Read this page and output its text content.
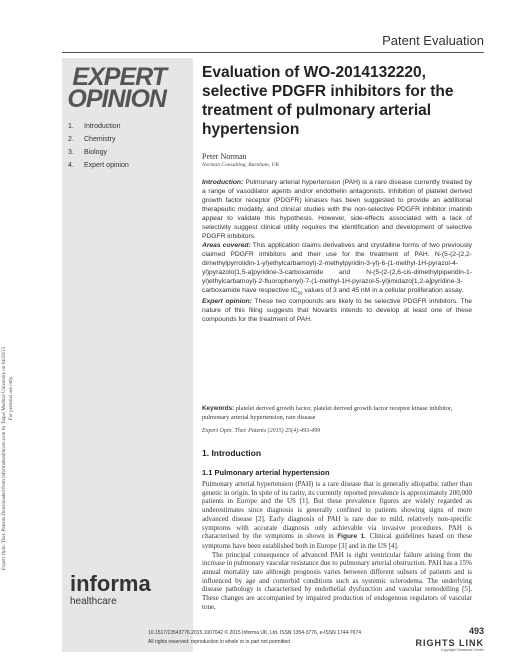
Expert Opin. Ther. Patents Downloaded from informahealthcare.com by Taipei Medical University on 04/20/15 For personal use only.
Patent Evaluation
EXPERT
OPINION
1.	Introduction
2.	Chemistry
3.	Biology
4.	Expert opinion
informa
healthcare
Evaluation of WO-2014132220, selective PDGFR inhibitors for the treatment of pulmonary arterial hypertension
Peter Norman
Norman Consulting, Burnham, UK

Introduction: Pulmonary arterial hypertension (PAH) is a rare disease currently treated by a range of vasodilator agents and/or endothelin antagonists. Inhibition of platelet derived growth factor receptor (PDGFR) kinases has been suggested to provide an additional therapeutic modality, and clinical studies with the non-selective PDGFR inhibitor imatinib appear to validate this hypothesis. However, side-effects associated with a lack of selectivity suggest clinical utility requires the identification and development of selective PDGFR inhibitors.

Areas covered: This application claims derivatives and crystalline forms of two previously claimed PDGFR inhibitors and their use for the treatment of PAH. N-(5-(2-(2,2-dimethylpyrrolidin-1-yl)ethylcarbamoyl)-2-methylpyridin-3-yl)-6-(1-methyl-1H-pyrazol-4-yl)pyrazolo[1,5-a]pyridine-3-carboxamide and N-(5-(2-(2,6-cis-dimethylpiperidin-1-yl)ethylcarbamoyl)-2-fluorophenyl)-7-(1-methyl-1H-pyrazol-5-yl)imidazo[1,2-a]pyridine-3-carboxamide have respective $IC_{50}$ values of 3 and 45 nM in a cellular proliferation assay.

Expert opinion: These two compounds are likely to be selective PDGFR inhibitors. The nature of this filing suggests that Novartis intends to develop at least one of these compounds for the treatment of PAH.

Keywords: platelet derived growth factor, platelet derived growth factor receptor kinase inhibitor, pulmonary arterial hypertension, rare disease
Expert Opin. Ther. Patents (2015) 25(4):493-499
1. Introduction
1.1 Pulmonary arterial hypertension

Pulmonary arterial hypertension (PAH) is a rare disease that is generally idiopathic rather than genetic in origin. In spite of its rarity, its currently reported prevalence is approximately 200,000 patients in Europe and the US [1]. But these prevalence figures are widely regarded as underestimates since diagnosis is generally confined to patients showing signs of more advanced disease [2]. Early diagnosis of PAH is rare due to mild, relatively non-specific symptoms with accurate diagnosis only achievable via invasive procedures. PAH is characterised by the symptoms in shown in Figure 1. Clinical guidelines based on these symptoms have been established both in Europe [3] and in the US [4].

The principal consequence of advanced PAH is right ventricular failure arising from the increase in pulmonary vascular resistance due to pulmonary arterial obstruction. PAH has a 15% annual mortality rate although prognosis varies between different subsets of patients and is influenced by age and comorbid conditions such as systemic sclerodema. The underlying disease pathology is characterised by endothelial dysfunction and vascular remodelling [5]. These changes are accompanied by impaired production of endogenous regulators of vascular tone,

10.1517/13543776.2015.1007042 © 2015 Informa UK, Ltd. ISSN 1354-3776, e-ISSN 1744-7674
All rights reserved: reproduction in whole or in part not permitted
493
RIGHTS LINK
Copyright Clearance Center
